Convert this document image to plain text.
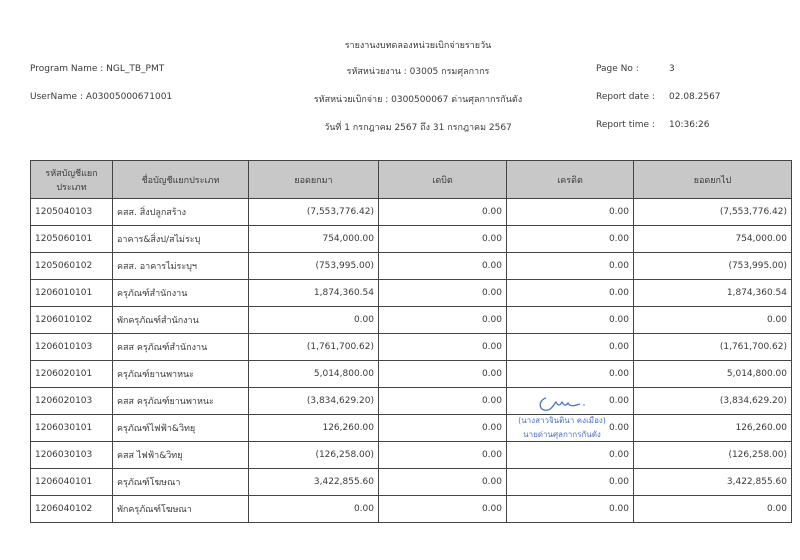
รายงานงบทดลองหน่วยเบิกจ่ายรายวัน
Program Name : NGL_TB_PMT
UserName : A03005000671001
รหัสหน่วยงาน : 03005 กรมศุลกากร
รหัสหน่วยเบิกจ่าย : 0300500067 ด่านศุลกากรกันตัง
วันที่ 1 กรกฎาคม 2567 ถึง 31 กรกฎาคม 2567
Page No :	3
Report date : 02.08.2567
Report time : 10:36:26
รหัสบัญชีแยกประเภท	ชื่อบัญชีแยกประเภท	ยอดยกมา	เดบิต	เครดิต	ยอดยกไป
1205040103	คสส. สิ่งปลูกสร้าง	(7,553,776.42)	0.00	0.00	(7,553,776.42)
1205060101	อาคาร&สิ่งป/สไม่ระบุ	754,000.00	0.00	0.00	754,000.00
1205060102	คสส. อาคารไม่ระบุฯ	(753,995.00)	0.00	0.00	(753,995.00)
1206010101	ครุภัณฑ์สำนักงาน	1,874,360.54	0.00	0.00	1,874,360.54
1206010102	พักครุภัณฑ์สำนักงาน	0.00	0.00	0.00	0.00
1206010103	คสส ครุภัณฑ์สำนักงาน	(1,761,700.62)	0.00	0.00	(1,761,700.62)
1206020101	ครุภัณฑ์ยานพาหนะ	5,014,800.00	0.00	0.00	5,014,800.00
1206020103	คสส ครุภัณฑ์ยานพาหนะ	(3,834,629.20)	0.00	0.00	(3,834,629.20)
1206030101	ครุภัณฑ์ไฟฟ้า&วิทยุ	126,260.00	0.00	0.00	126,260.00
1206030103	คสส ไฟฟ้า&วิทยุ	(126,258.00)	0.00	0.00	(126,258.00)
1206040101	ครุภัณฑ์โฆษณา	3,422,855.60	0.00	0.00	3,422,855.60
1206040102	พักครุภัณฑ์โฆษณา	0.00	0.00	0.00	0.00
(นางสาวจินตินา คงเมือง)
นายด่านศุลกากรกันตัง
